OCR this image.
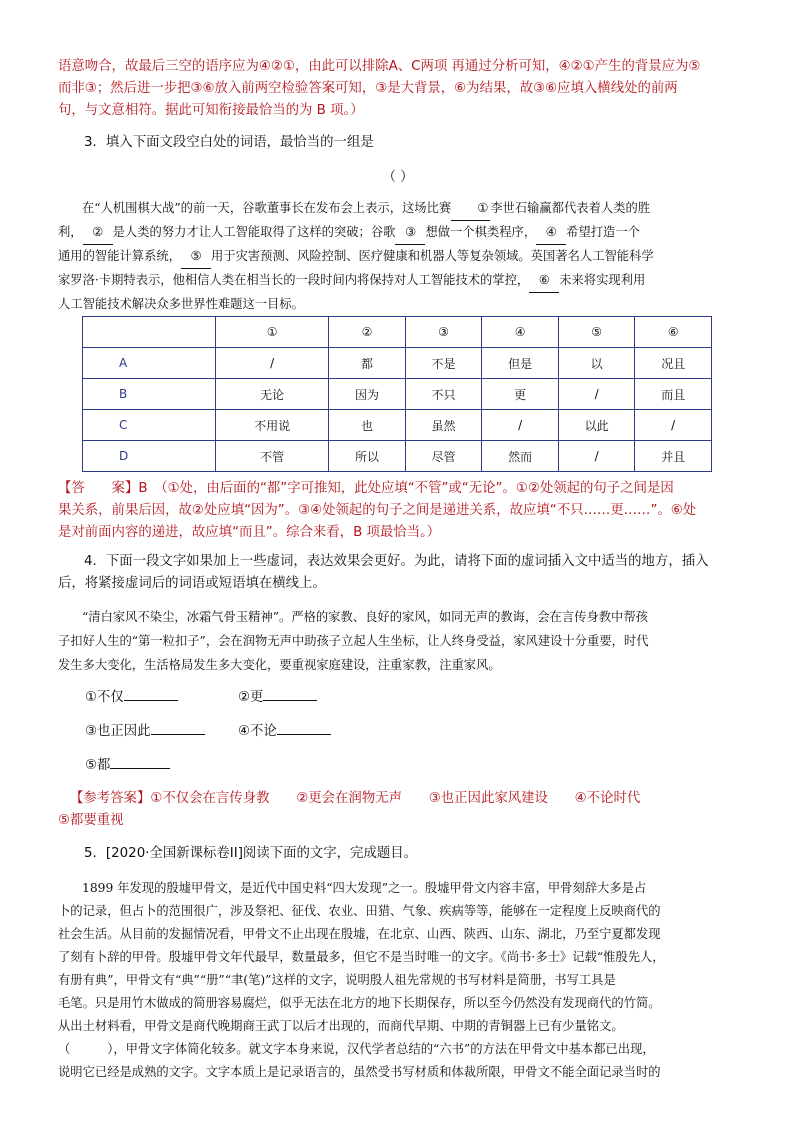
语意吻合，故最后三空的语序应为④②①，由此可以排除A、C两项 再通过分析可知，④②①产生的背景应为⑤

而非③；然后进一步把③⑥放入前两空检验答案可知，③是大背景，⑥为结果，故③⑥应填入横线处的前两

句，与文意相符。据此可知衔接最恰当的为 B 项。）

3．填入下面文段空白处的词语，最恰当的一组是

（ ）

在“人机围棋大战”的前一天，谷歌董事长在发布会上表示，这场比赛 ① 李世石输赢都代表着人类的胜

利， ② 是人类的努力才让人工智能取得了这样的突破；谷歌 ③ 想做一个棋类程序， ④ 希望打造一个

通用的智能计算系统， ⑤ 用于灾害预测、风险控制、医疗健康和机器人等复杂领域。英国著名人工智能科学

家罗洛·卡期特表示，他相信人类在相当长的一段时间内将保持对人工智能技术的掌控， ⑥ 未来将实现利用

人工智能技术解决众多世界性难题这一目标。

	①	②	③	④	⑤	⑥
A	/	都	不是	但是	以	况且
B	无论	因为	不只	更	/	而且
C	不用说	也	虽然	/	以此	/
D	不管	所以	尽管	然而	/	并且

【答　　案】B　（①处，由后面的“都”字可推知，此处应填“不管”或“无论”。①②处领起的句子之间是因

果关系，前果后因，故②处应填“因为”。③④处领起的句子之间是递进关系，故应填“不只……更……”。⑥处

是对前面内容的递进，故应填“而且”。综合来看，B 项最恰当。）

4．下面一段文字如果加上一些虚词，表达效果会更好。为此，请将下面的虚词插入文中适当的地方，插入

后，将紧接虚词后的词语或短语填在横线上。

“清白家风不染尘，冰霜气骨玉精神”。严格的家教、良好的家风，如同无声的教诲，会在言传身教中帮孩

子扣好人生的“第一粒扣子”，会在润物无声中助孩子立起人生坐标，让人终身受益，家风建设十分重要，时代

发生多大变化，生活格局发生多大变化，要重视家庭建设，注重家教，注重家风。

①不仅	②更
③也正因此	④不论
⑤都

【参考答案】①不仅会在言传身教　　②更会在润物无声　　③也正因此家风建设　　④不论时代

⑤都要重视

5．[2020·全国新课标卷II]阅读下面的文字，完成题目。

1899 年发现的殷墟甲骨文，是近代中国史料“四大发现”之一。殷墟甲骨文内容丰富，甲骨刻辞大多是占

卜的记录，但占卜的范围很广，涉及祭祀、征伐、农业、田猎、气象、疾病等等，能够在一定程度上反映商代的

社会生活。从目前的发掘情况看，甲骨文不止出现在殷墟，在北京、山西、陕西、山东、湖北，乃至宁夏都发现

了刻有卜辞的甲骨。殷墟甲骨文年代最早，数量最多，但它不是当时唯一的文字。《尚书·多士》记载“惟殷先人，

有册有典”，甲骨文有“典”“册”“聿(笔)”这样的文字，说明殷人祖先常规的书写材料是简册，书写工具是

毛笔。只是用竹木做成的简册容易腐烂，似乎无法在北方的地下长期保存，所以至今仍然没有发现商代的竹简。

从出土材料看，甲骨文是商代晚期商王武丁以后才出现的，而商代早期、中期的青铜器上已有少量铭文。

（　　　），甲骨文字体简化较多。就文字本身来说，汉代学者总结的“六书”的方法在甲骨文中基本都已出现，

说明它已经是成熟的文字。文字本质上是记录语言的，虽然受书写材质和体裁所限，甲骨文不能全面记录当时的
